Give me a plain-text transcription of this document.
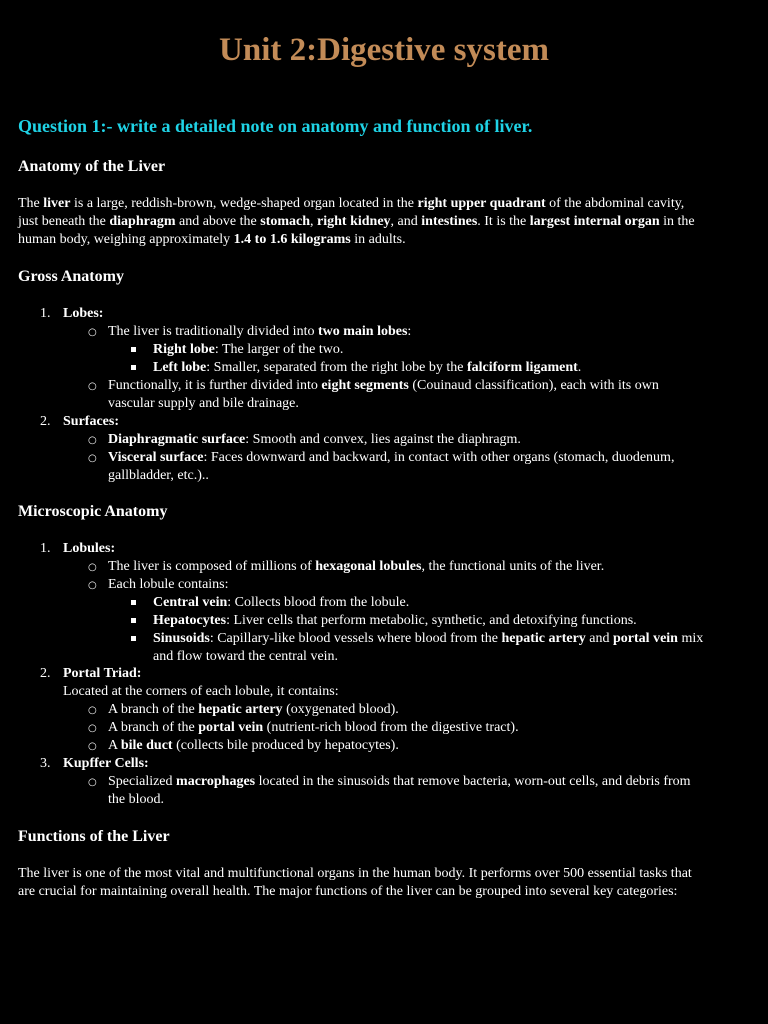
Unit 2:Digestive system
Question 1:- write a detailed note on anatomy and function of liver.
Anatomy of the Liver
The liver is a large, reddish-brown, wedge-shaped organ located in the right upper quadrant of the abdominal cavity,
just beneath the diaphragm and above the stomach, right kidney, and intestines. It is the largest internal organ in the
human body, weighing approximately 1.4 to 1.6 kilograms in adults.
Gross Anatomy
1. Lobes:
○ The liver is traditionally divided into two main lobes:
Right lobe: The larger of the two.
Left lobe: Smaller, separated from the right lobe by the falciform ligament.
○ Functionally, it is further divided into eight segments (Couinaud classification), each with its own
vascular supply and bile drainage.
2. Surfaces:
○ Diaphragmatic surface: Smooth and convex, lies against the diaphragm.
○ Visceral surface: Faces downward and backward, in contact with other organs (stomach, duodenum,
gallbladder, etc.)..
Microscopic Anatomy
1. Lobules:
○ The liver is composed of millions of hexagonal lobules, the functional units of the liver.
○ Each lobule contains:
Central vein: Collects blood from the lobule.
Hepatocytes: Liver cells that perform metabolic, synthetic, and detoxifying functions.
Sinusoids: Capillary-like blood vessels where blood from the hepatic artery and portal vein mix
and flow toward the central vein.
2. Portal Triad:
Located at the corners of each lobule, it contains:
○ A branch of the hepatic artery (oxygenated blood).
○ A branch of the portal vein (nutrient-rich blood from the digestive tract).
○ A bile duct (collects bile produced by hepatocytes).
3. Kupffer Cells:
○ Specialized macrophages located in the sinusoids that remove bacteria, worn-out cells, and debris from
the blood.
Functions of the Liver
The liver is one of the most vital and multifunctional organs in the human body. It performs over 500 essential tasks that
are crucial for maintaining overall health. The major functions of the liver can be grouped into several key categories:
